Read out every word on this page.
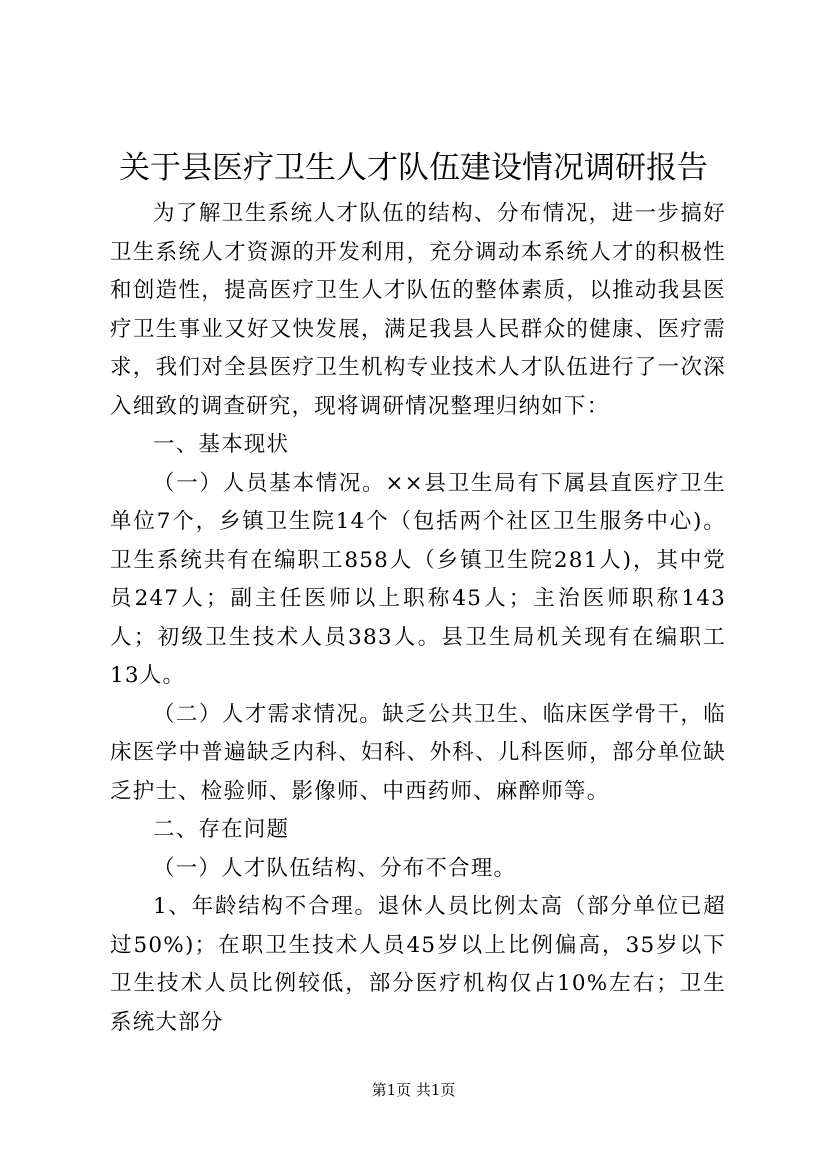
关于县医疗卫生人才队伍建设情况调研报告

为了解卫生系统人才队伍的结构、分布情况，进一步搞好卫生系统人才资源的开发利用，充分调动本系统人才的积极性和创造性，提高医疗卫生人才队伍的整体素质，以推动我县医疗卫生事业又好又快发展，满足我县人民群众的健康、医疗需求，我们对全县医疗卫生机构专业技术人才队伍进行了一次深入细致的调查研究，现将调研情况整理归纳如下：

一、基本现状

（一）人员基本情况。××县卫生局有下属县直医疗卫生单位7个，乡镇卫生院14个（包括两个社区卫生服务中心)。卫生系统共有在编职工858人（乡镇卫生院281人)，其中党员247人；副主任医师以上职称45人；主治医师职称143人；初级卫生技术人员383人。县卫生局机关现有在编职工13人。

（二）人才需求情况。缺乏公共卫生、临床医学骨干，临床医学中普遍缺乏内科、妇科、外科、儿科医师，部分单位缺乏护士、检验师、影像师、中西药师、麻醉师等。

二、存在问题

（一）人才队伍结构、分布不合理。

1、年龄结构不合理。退休人员比例太高（部分单位已超过50%)；在职卫生技术人员45岁以上比例偏高，35岁以下卫生技术人员比例较低，部分医疗机构仅占10%左右；卫生系统大部分

第1页 共1页
